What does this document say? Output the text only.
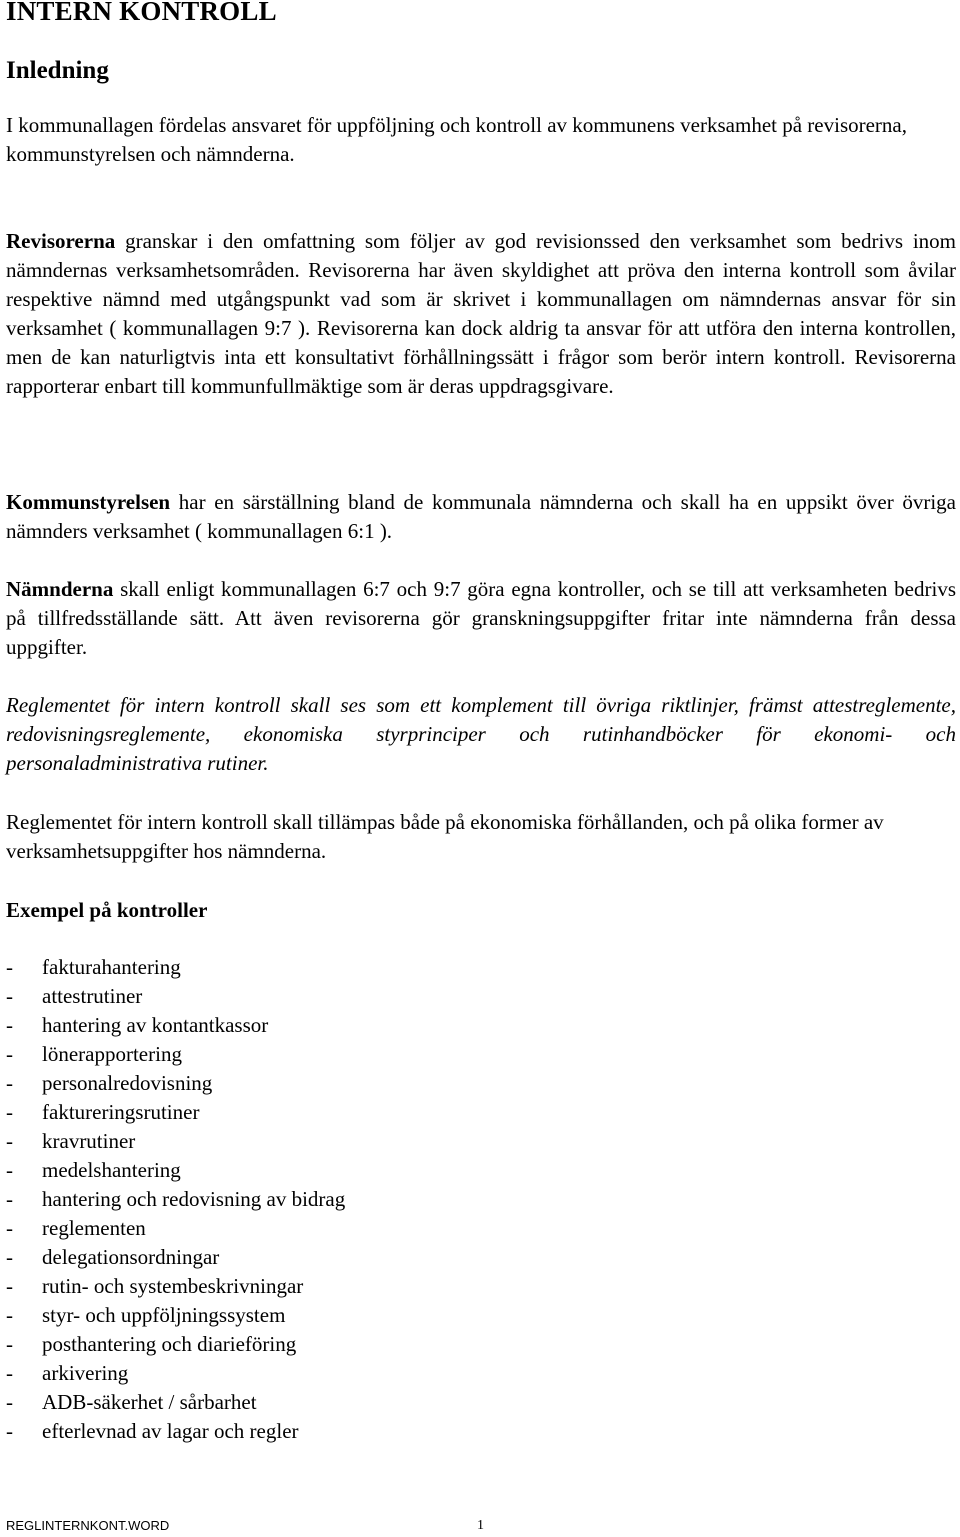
INTERN KONTROLL
Inledning

I kommunallagen fördelas ansvaret för uppföljning och kontroll av kommunens verksamhet på revisorerna, kommunstyrelsen och nämnderna.

Revisorerna granskar i den omfattning som följer av god revisionssed den verksamhet som bedrivs inom nämndernas verksamhetsområden. Revisorerna har även skyldighet att pröva den interna kontroll som åvilar respektive nämnd med utgångspunkt vad som är skrivet i kommunallagen om nämndernas ansvar för sin verksamhet ( kommunallagen 9:7 ). Revisorerna kan dock aldrig ta ansvar för att utföra den interna kontrollen, men de kan naturligtvis inta ett konsultativt förhållningssätt i frågor som berör intern kontroll. Revisorerna rapporterar enbart till kommunfullmäktige som är deras uppdragsgivare.

Kommunstyrelsen har en särställning bland de kommunala nämnderna och skall ha en uppsikt över övriga nämnders verksamhet ( kommunallagen 6:1 ).

Nämnderna skall enligt kommunallagen 6:7 och 9:7 göra egna kontroller, och se till att verksamheten bedrivs på tillfredsställande sätt. Att även revisorerna gör granskningsuppgifter fritar inte nämnderna från dessa uppgifter.

Reglementet för intern kontroll skall ses som ett komplement till övriga riktlinjer, främst attestreglemente, redovisningsreglemente, ekonomiska styrprinciper och rutinhandböcker för ekonomi- och personaladministrativa rutiner.

Reglementet för intern kontroll skall tillämpas både på ekonomiska förhållanden, och på olika former av verksamhetsuppgifter hos nämnderna.

Exempel på kontroller

- fakturahantering
- attestrutiner
- hantering av kontantkassor
- lönerapportering
- personalredovisning
- faktureringsrutiner
- kravrutiner
- medelshantering
- hantering och redovisning av bidrag
- reglementen
- delegationsordningar
- rutin- och systembeskrivningar
- styr- och uppföljningssystem
- posthantering och diarieföring
- arkivering
- ADB-säkerhet / sårbarhet
- efterlevnad av lagar och regler
REGLINTERNKONT.WORD	1
